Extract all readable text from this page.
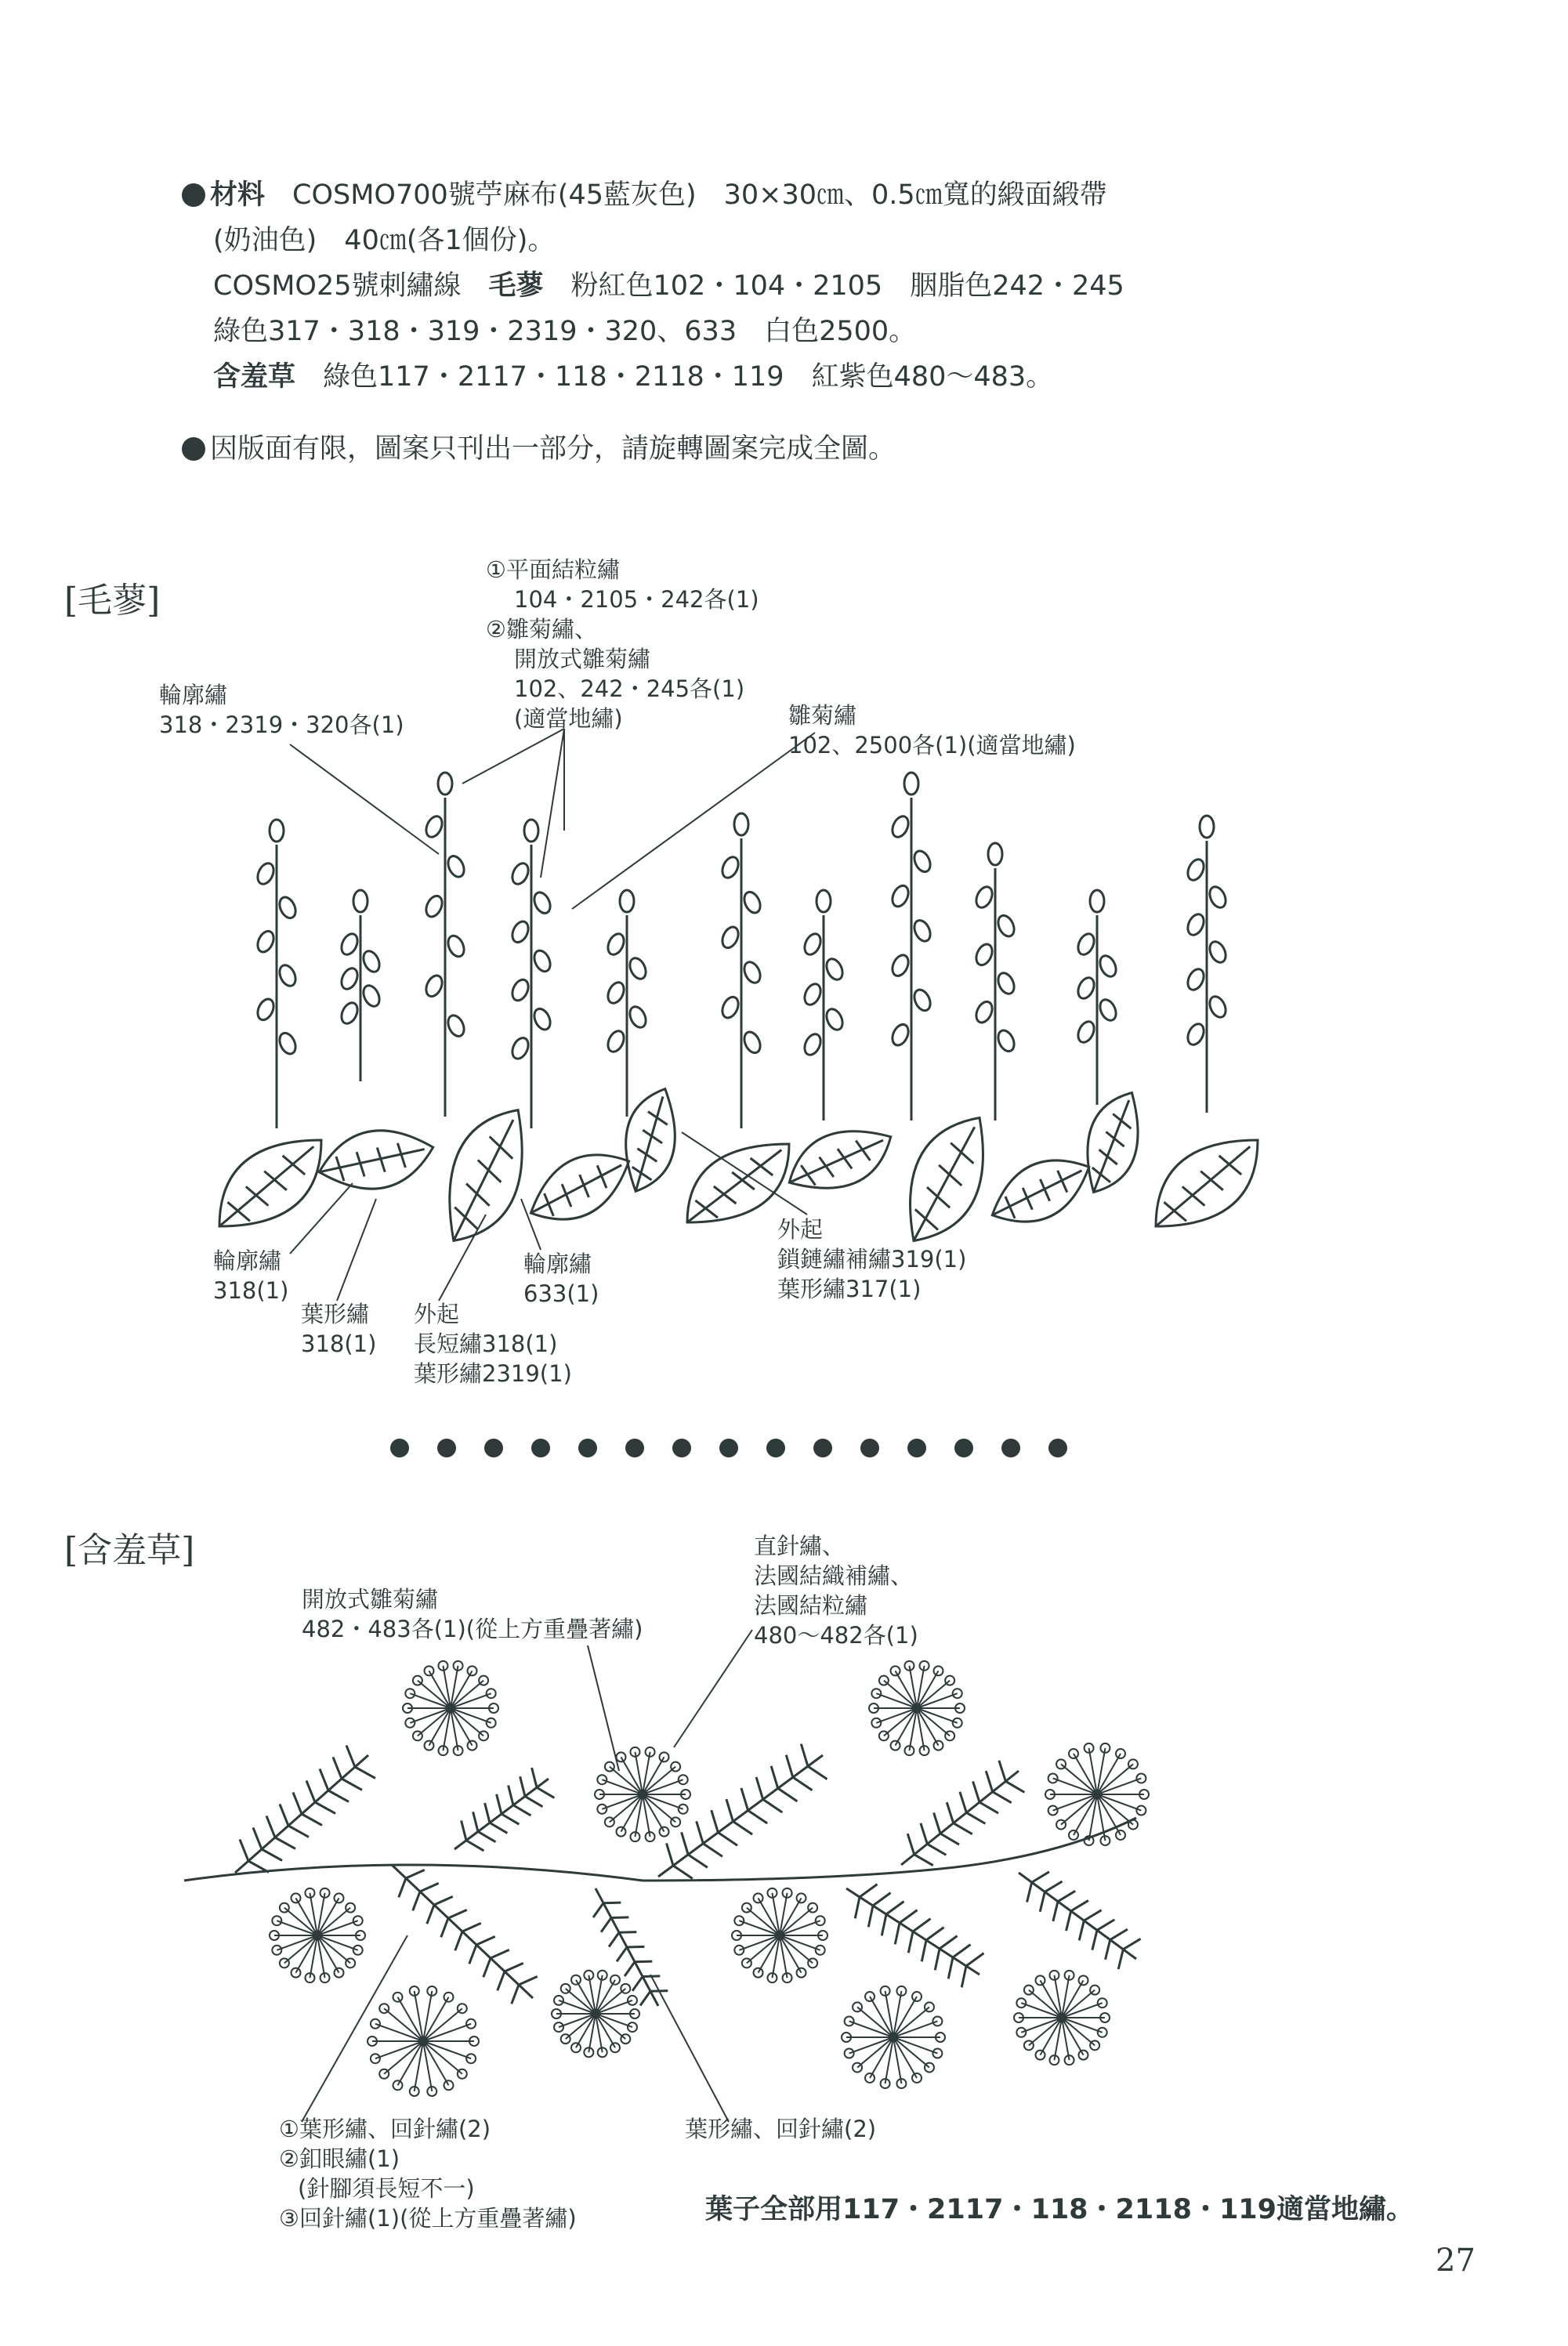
材料　 COSMO700號苧麻布(45藍灰色)　30×30㎝、0.5㎝寬的緞面緞帶
(奶油色)　40㎝(各1個份)。
COSMO25號刺繡線　毛蓼　粉紅色102・104・2105　胭脂色242・245
綠色317・318・319・2319・320、633　白色2500。
含羞草　綠色117・2117・118・2118・119　紅紫色480～483。
因版面有限，圖案只刊出一部分，請旋轉圖案完成全圖。
[毛蓼]
[含羞草]
①平面結粒繡
104・2105・242各(1)
②雛菊繡、
開放式雛菊繡
102、242・245各(1)
(適當地繡)
輪廓繡
318・2319・320各(1)	雛菊繡
102、2500各(1)(適當地繡)
輪廓繡
318(1)
葉形繡
318(1)
外起
長短繡318(1)
葉形繡2319(1)
輪廓繡
633(1)
外起
鎖鏈繡補繡319(1)
葉形繡317(1)
開放式雛菊繡
482・483各(1)(從上方重疊著繡)
直針繡、
法國結織補繡、
法國結粒繡
480～482各(1)
①葉形繡、回針繡(2)
②釦眼繡(1)
(針腳須長短不一)
③回針繡(1)(從上方重疊著繡)
葉形繡、回針繡(2)
葉子全部用117・2117・118・2118・119適當地繡。
27
